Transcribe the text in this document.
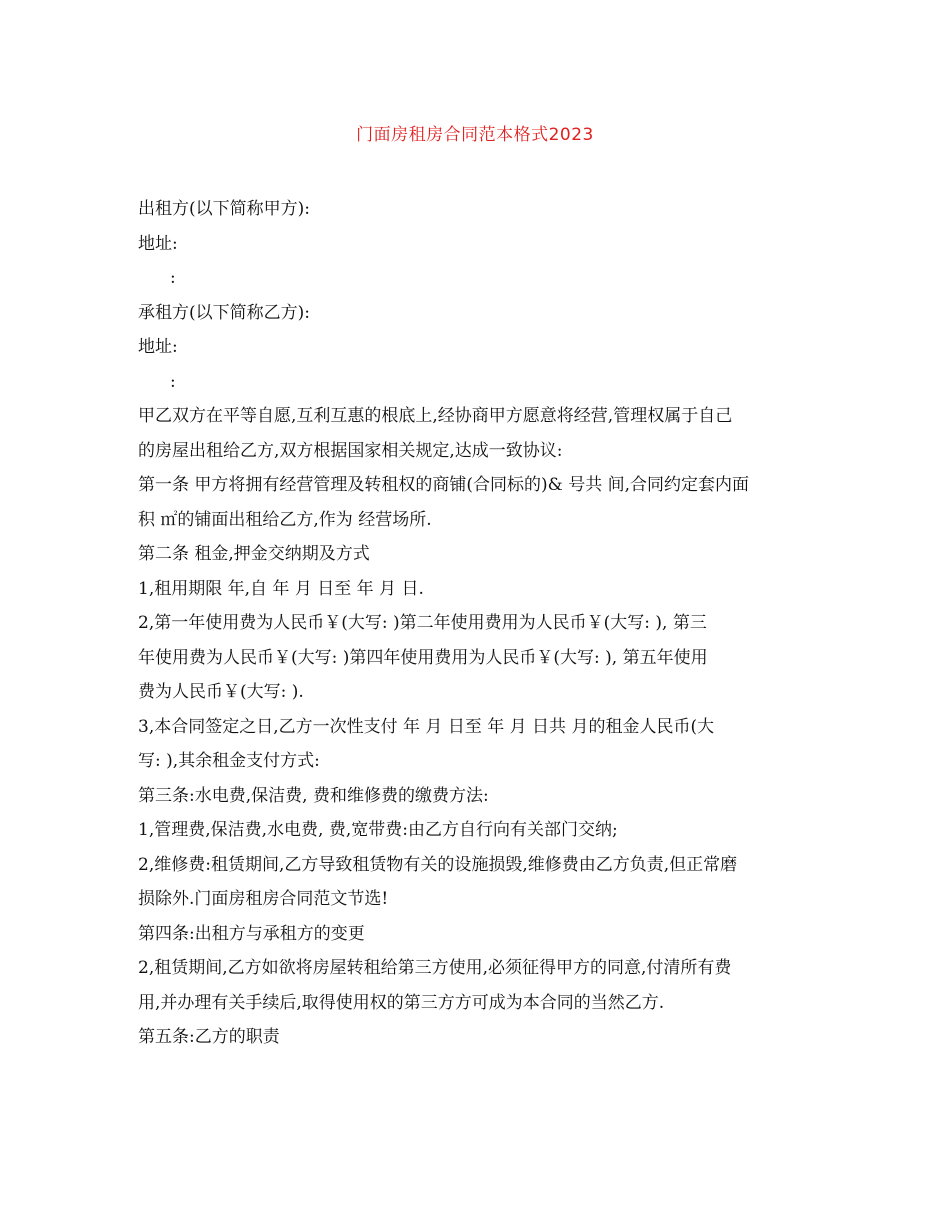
门面房租房合同范本格式2023
出租方(以下简称甲方):
地址:
:
承租方(以下简称乙方):
地址:
:
甲乙双方在平等自愿,互利互惠的根底上,经协商甲方愿意将经营,管理权属于自己
的房屋出租给乙方,双方根据国家相关规定,达成一致协议:
第一条 甲方将拥有经营管理及转租权的商铺(合同标的)& 号共 间,合同约定套内面
积 ㎡的铺面出租给乙方,作为 经营场所.
第二条 租金,押金交纳期及方式
1,租用期限 年,自 年 月 日至 年 月 日.
2,第一年使用费为人民币￥(大写: )第二年使用费用为人民币￥(大写: ), 第三
年使用费为人民币￥(大写: )第四年使用费用为人民币￥(大写: ), 第五年使用
费为人民币￥(大写: ).
3,本合同签定之日,乙方一次性支付 年 月 日至 年 月 日共 月的租金人民币(大
写: ),其余租金支付方式:
第三条:水电费,保洁费, 费和维修费的缴费方法:
1,管理费,保洁费,水电费, 费,宽带费:由乙方自行向有关部门交纳;
2,维修费:租赁期间,乙方导致租赁物有关的设施损毁,维修费由乙方负责,但正常磨
损除外.门面房租房合同范文节选!
第四条:出租方与承租方的变更
2,租赁期间,乙方如欲将房屋转租给第三方使用,必须征得甲方的同意,付清所有费
用,并办理有关手续后,取得使用权的第三方方可成为本合同的当然乙方.
第五条:乙方的职责
